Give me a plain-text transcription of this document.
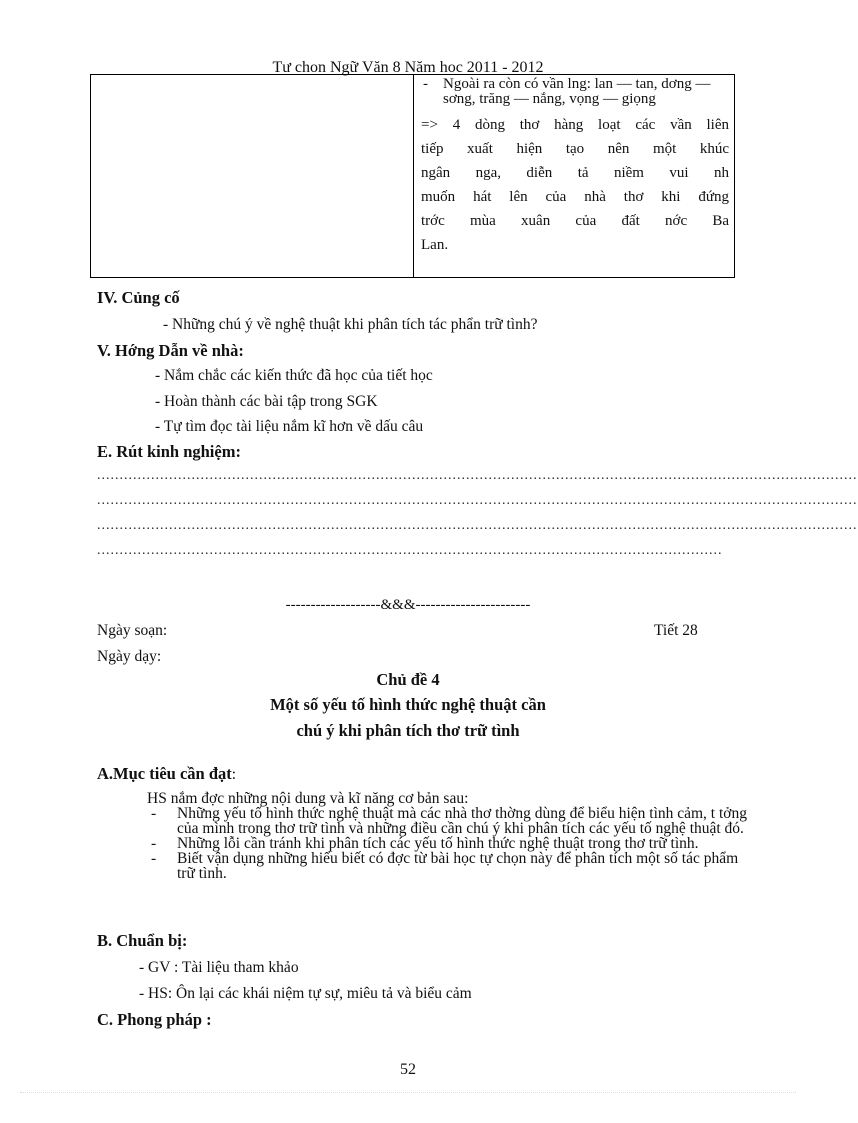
Tư chon Ngữ Văn 8 Năm hoc 2011 - 2012
- Ngoài ra còn có vần lng: lan — tan, dơng — sơng, trăng — nắng, vọng — giọng
=> 4 dòng thơ hàng loạt các vần liên
tiếp xuất hiện tạo nên một khúc
ngân nga, diễn tả niềm vui nh
muốn hát lên của nhà thơ khi đứng
trớc mùa xuân của đất nớc Ba
Lan.
IV. Củng cố
- Những chú ý về nghệ thuật khi phân tích tác phẩn trữ tình?
V. Hớng Dẫn về nhà:
- Nắm chắc các kiến thức đã học của tiết học
- Hoàn thành các bài tập trong SGK
- Tự tìm đọc tài liệu nắm kĩ hơn về dấu câu
E. Rút kinh nghiệm:
.........................................................................................................................................................................
.........................................................................................................................................................................
.........................................................................................................................................................................
...........................................................................................................................................
-------------------&&&-----------------------
Ngày soạn:	Tiết 28
Ngày dạy:
Chủ đề 4
Một số yếu tố hình thức nghệ thuật cần
chú ý khi phân tích thơ trữ tình
A.Mục tiêu cần đạt:
HS nắm đợc những nội dung và kĩ năng cơ bản sau:
- Những yếu tố hình thức nghệ thuật mà các nhà thơ thờng dùng để biểu hiện tình cảm, t tởng của mình trong thơ trữ tình và những điều cần chú ý khi phân tích các yếu tố nghệ thuật đó.
- Những lỗi cần tránh khi phân tích các yếu tố hình thức nghệ thuật trong thơ trữ tình.
- Biết vận dụng những hiểu biết có đợc từ bài học tự chọn này để phân tích một số tác phẩm trữ tình.
B. Chuẩn bị:
- GV : Tài liệu tham khảo
- HS: Ôn lại các khái niệm tự sự, miêu tả và biểu cảm
C. Phong pháp :
52
